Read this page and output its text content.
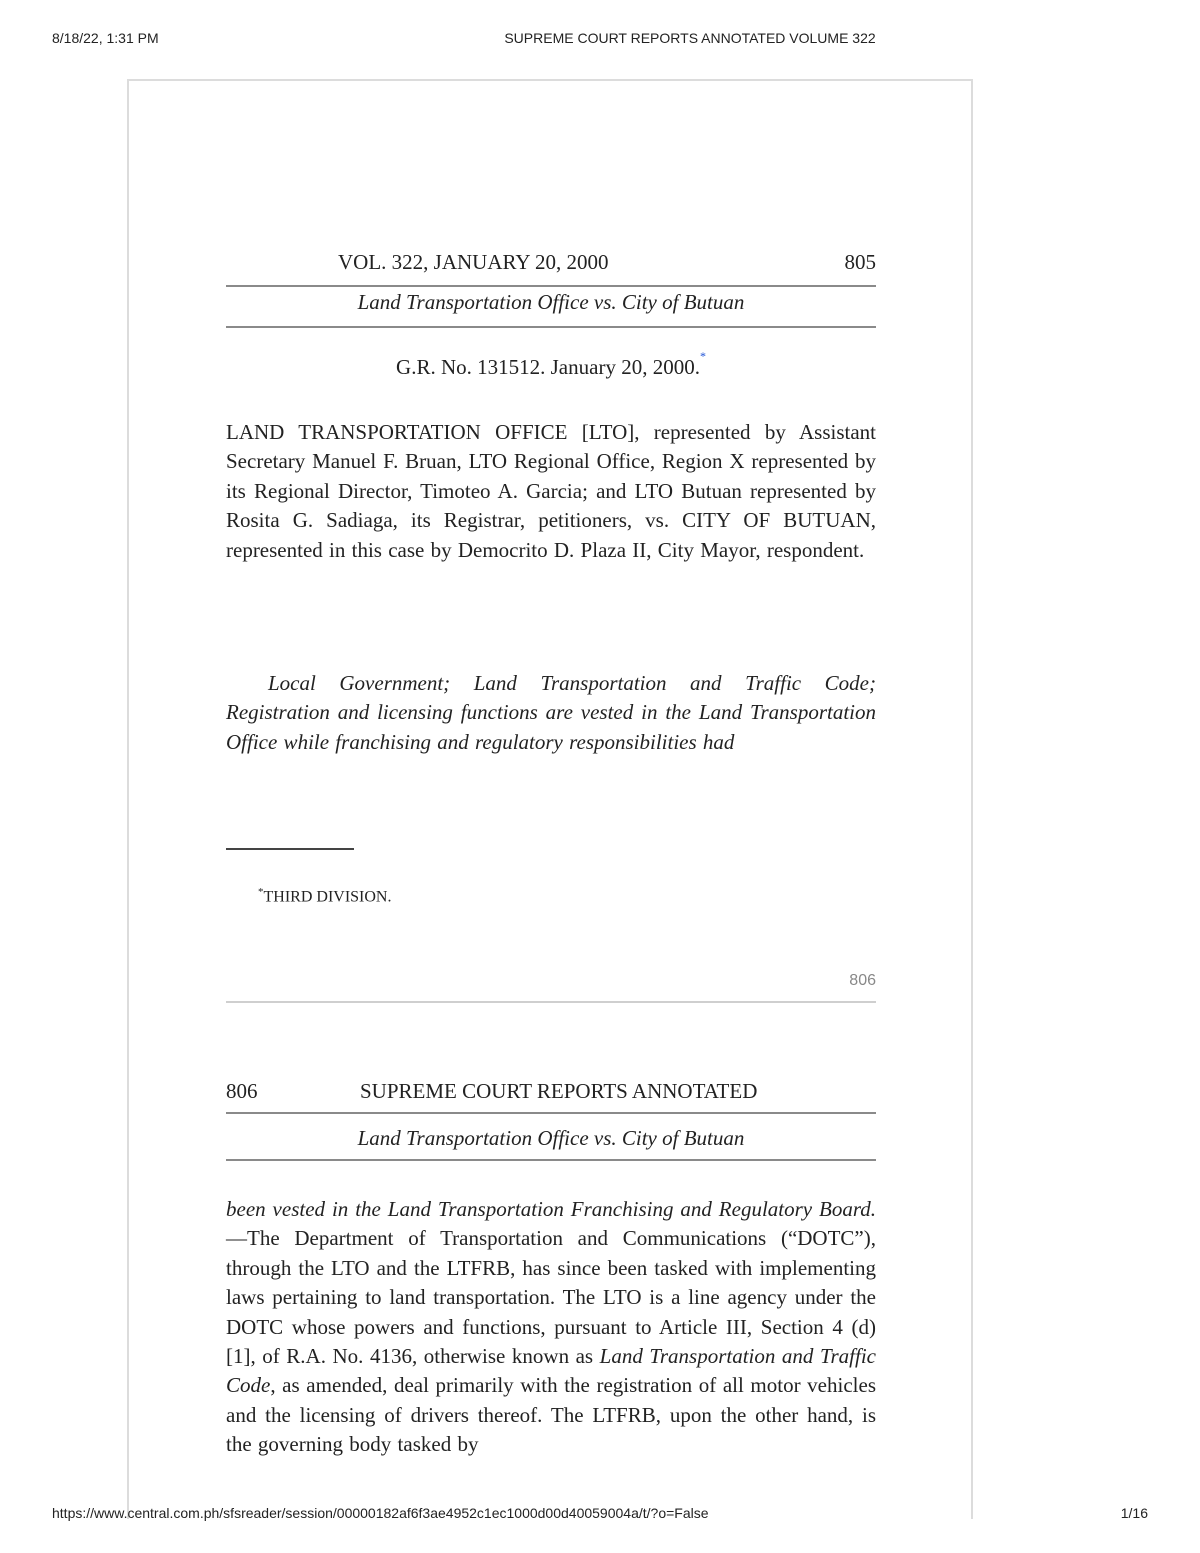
8/18/22, 1:31 PM	SUPREME COURT REPORTS ANNOTATED VOLUME 322
VOL. 322, JANUARY 20, 2000	805
Land Transportation Office vs. City of Butuan
G.R. No. 131512. January 20, 2000.*
LAND TRANSPORTATION OFFICE [LTO], represented by Assistant Secretary Manuel F. Bruan, LTO Regional Office, Region X represented by its Regional Director, Timoteo A. Garcia; and LTO Butuan represented by Rosita G. Sadiaga, its Registrar, petitioners, vs. CITY OF BUTUAN, represented in this case by Democrito D. Plaza II, City Mayor, respondent.
Local Government; Land Transportation and Traffic Code; Registration and licensing functions are vested in the Land Transportation Office while franchising and regulatory responsibilities had
*THIRD DIVISION.
806
806	SUPREME COURT REPORTS ANNOTATED
Land Transportation Office vs. City of Butuan
been vested in the Land Transportation Franchising and Regulatory Board.—The Department of Transportation and Communications (“DOTC”), through the LTO and the LTFRB, has since been tasked with implementing laws pertaining to land transportation. The LTO is a line agency under the DOTC whose powers and functions, pursuant to Article III, Section 4 (d) [1], of R.A. No. 4136, otherwise known as Land Transportation and Traffic Code, as amended, deal primarily with the registration of all motor vehicles and the licensing of drivers thereof. The LTFRB, upon the other hand, is the governing body tasked by
https://www.central.com.ph/sfsreader/session/00000182af6f3ae4952c1ec1000d00d40059004a/t/?o=False	1/16
